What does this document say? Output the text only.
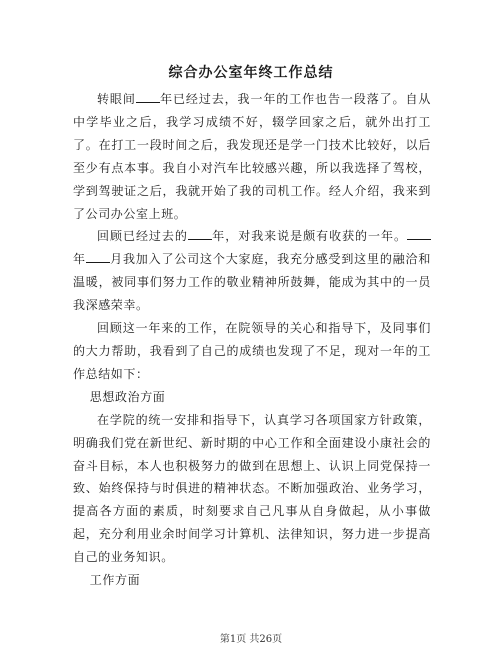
综合办公室年终工作总结

转眼间 年已经过去，我一年的工作也告一段落了。自从中学毕业之后，我学习成绩不好，辍学回家之后，就外出打工了。在打工一段时间之后，我发现还是学一门技术比较好，以后至少有点本事。我自小对汽车比较感兴趣，所以我选择了驾校，学到驾驶证之后，我就开始了我的司机工作。经人介绍，我来到了公司办公室上班。

回顾已经过去的 年，对我来说是颇有收获的一年。年 月我加入了公司这个大家庭，我充分感受到这里的融洽和温暖，被同事们努力工作的敬业精神所鼓舞，能成为其中的一员我深感荣幸。

回顾这一年来的工作，在院领导的关心和指导下，及同事们的大力帮助，我看到了自己的成绩也发现了不足，现对一年的工作总结如下：

思想政治方面

在学院的统一安排和指导下，认真学习各项国家方针政策，明确我们党在新世纪、新时期的中心工作和全面建设小康社会的奋斗目标，本人也积极努力的做到在思想上、认识上同党保持一致、始终保持与时俱进的精神状态。不断加强政治、业务学习，提高各方面的素质，时刻要求自己凡事从自身做起，从小事做起，充分利用业余时间学习计算机、法律知识，努力进一步提高自己的业务知识。

工作方面

第1页 共26页
